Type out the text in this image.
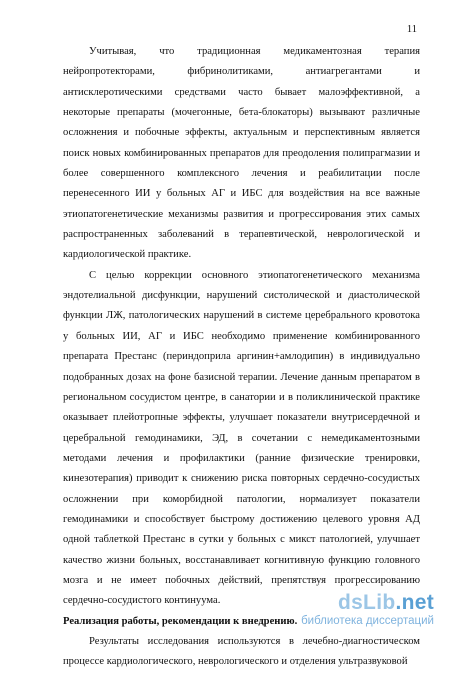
11

Учитывая, что традиционная медикаментозная терапия нейропротекторами, фибринолитиками, антиагрегантами и антисклеротическими средствами часто бывает малоэффективной, а некоторые препараты (мочегонные, бета-блокаторы) вызывают различные осложнения и побочные эффекты, актуальным и перспективным является поиск новых комбинированных препаратов для преодоления полипрагмазии и более совершенного комплексного лечения и реабилитации после перенесенного ИИ у больных АГ и ИБС для воздействия на все важные этиопатогенетические механизмы развития и прогрессирования этих самых распространенных заболеваний в терапевтической, неврологической и кардиологической практике.

С целью коррекции основного этиопатогенетического механизма эндотелиальной дисфункции, нарушений систолической и диастолической функции ЛЖ, патологических нарушений в системе церебрального кровотока у больных ИИ, АГ и ИБС необходимо применение комбинированного препарата Престанс (периндоприла аргинин+амлодипин) в индивидуально подобранных дозах на фоне базисной терапии. Лечение данным препаратом в региональном сосудистом центре, в санатории и в поликлинической практике оказывает плейотропные эффекты, улучшает показатели внутрисердечной и церебральной гемодинамики, ЭД, в сочетании с немедикаментозными методами лечения и профилактики (ранние физические тренировки, кинезотерапия) приводит к снижению риска повторных сердечно-сосудистых осложнении при коморбидной патологии, нормализует показатели гемодинамики и способствует быстрому достижению целевого уровня АД одной таблеткой Престанс в сутки у больных с микст патологией, улучшает качество жизни больных, восстанавливает когнитивную функцию головного мозга и не имеет побочных действий, препятствуя прогрессированию сердечно-сосудистого континуума.

Реализация работы, рекомендации к внедрению.

Результаты исследования используются в лечебно-диагностическом процессе кардиологического, неврологического и отделения ультразвуковой

dsLib.net
библиотека диссертаций
